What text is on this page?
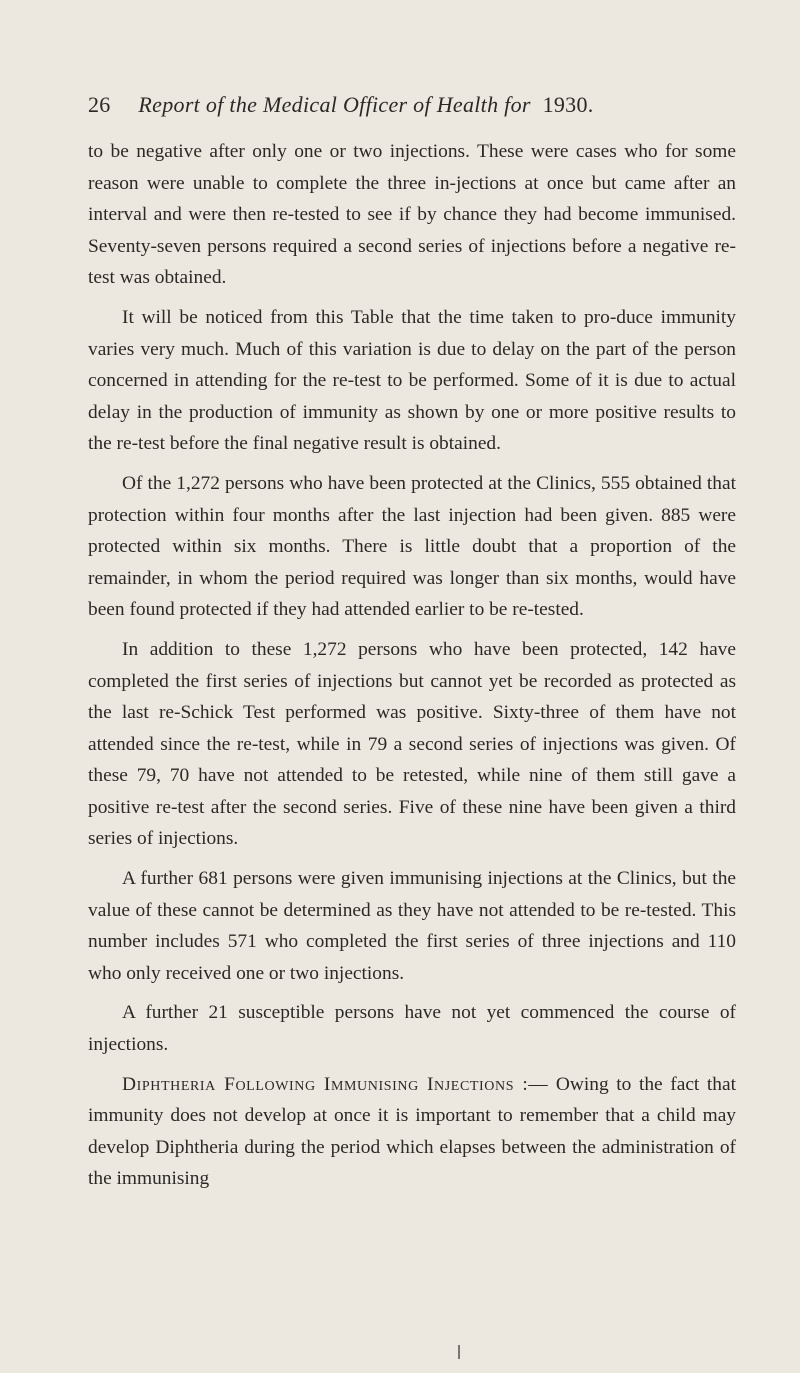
26 Report of the Medical Officer of Health for 1930.

to be negative after only one or two injections. These were cases who for some reason were unable to complete the three in-jections at once but came after an interval and were then re-tested to see if by chance they had become immunised. Seventy-seven persons required a second series of injections before a negative re-test was obtained.

It will be noticed from this Table that the time taken to pro-duce immunity varies very much. Much of this variation is due to delay on the part of the person concerned in attending for the re-test to be performed. Some of it is due to actual delay in the production of immunity as shown by one or more positive results to the re-test before the final negative result is obtained.

Of the 1,272 persons who have been protected at the Clinics, 555 obtained that protection within four months after the last injection had been given. 885 were protected within six months. There is little doubt that a proportion of the remainder, in whom the period required was longer than six months, would have been found protected if they had attended earlier to be re-tested.

In addition to these 1,272 persons who have been protected, 142 have completed the first series of injections but cannot yet be recorded as protected as the last re-Schick Test performed was positive. Sixty-three of them have not attended since the re-test, while in 79 a second series of injections was given. Of these 79, 70 have not attended to be retested, while nine of them still gave a positive re-test after the second series. Five of these nine have been given a third series of injections.

A further 681 persons were given immunising injections at the Clinics, but the value of these cannot be determined as they have not attended to be re-tested. This number includes 571 who completed the first series of three injections and 110 who only received one or two injections.

A further 21 susceptible persons have not yet commenced the course of injections.

Diphtheria Following Immunising Injections :— Owing to the fact that immunity does not develop at once it is important to remember that a child may develop Diphtheria during the period which elapses between the administration of the immunising
